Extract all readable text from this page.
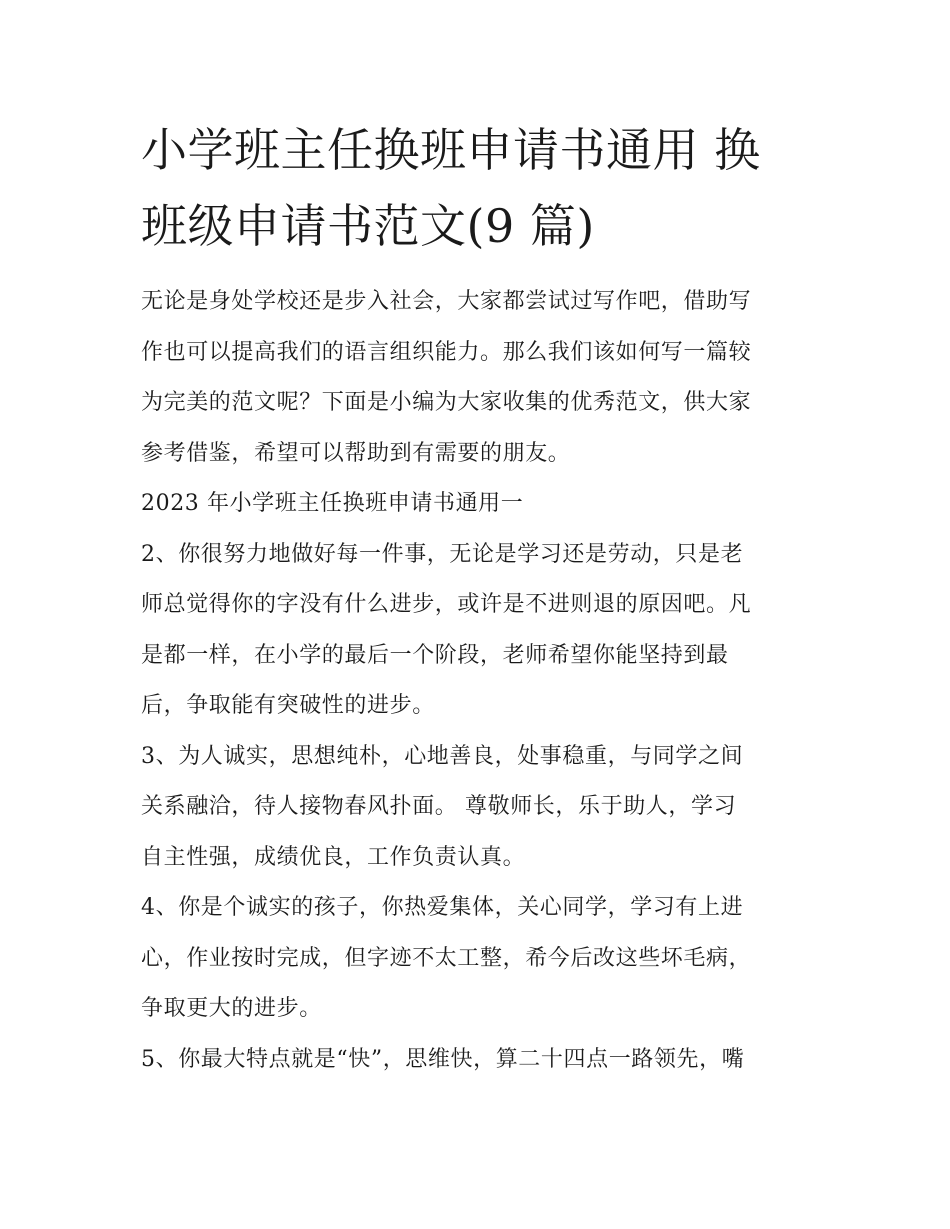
小学班主任换班申请书通用 换
班级申请书范文(9 篇)

无论是身处学校还是步入社会，大家都尝试过写作吧，借助写
作也可以提高我们的语言组织能力。那么我们该如何写一篇较
为完美的范文呢？下面是小编为大家收集的优秀范文，供大家
参考借鉴，希望可以帮助到有需要的朋友。

2023 年小学班主任换班申请书通用一

2、你很努力地做好每一件事，无论是学习还是劳动，只是老
师总觉得你的字没有什么进步，或许是不进则退的原因吧。凡
是都一样，在小学的最后一个阶段，老师希望你能坚持到最
后，争取能有突破性的进步。

3、为人诚实，思想纯朴，心地善良，处事稳重，与同学之间
关系融洽，待人接物春风扑面。 尊敬师长，乐于助人，学习
自主性强，成绩优良，工作负责认真。

4、你是个诚实的孩子，你热爱集体，关心同学，学习有上进
心，作业按时完成，但字迹不太工整，希今后改这些坏毛病，
争取更大的进步。

5、你最大特点就是“快”，思维快，算二十四点一路领先，嘴
